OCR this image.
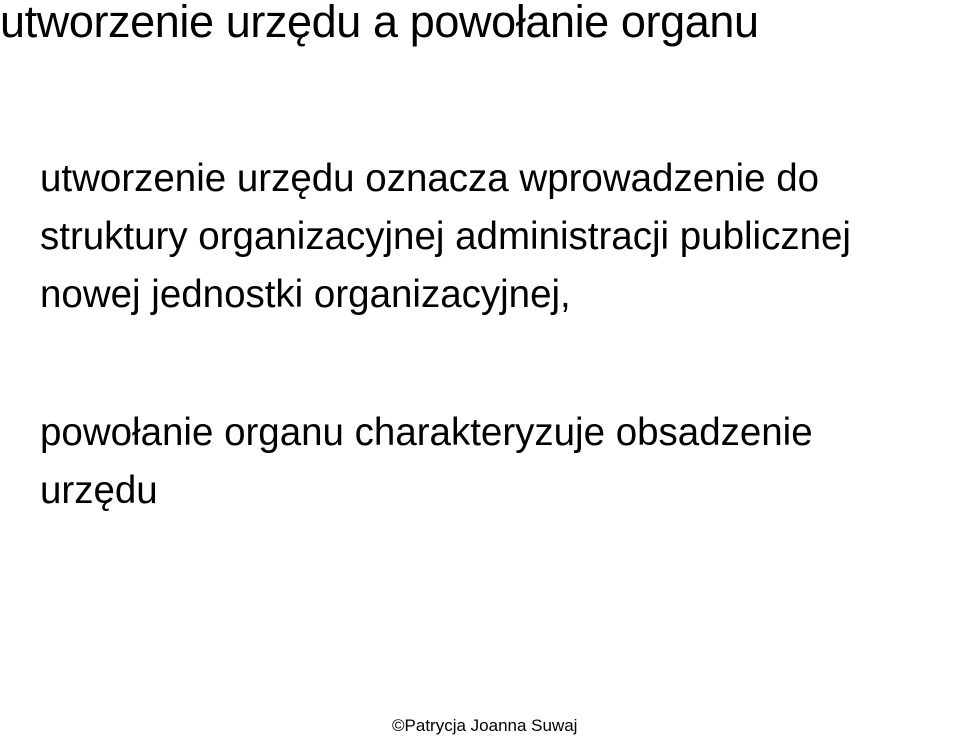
utworzenie urzędu a powołanie organu

utworzenie urzędu oznacza wprowadzenie do struktury organizacyjnej administracji publicznej nowej jednostki organizacyjnej,

powołanie organu charakteryzuje obsadzenie urzędu

©Patrycja Joanna Suwaj
